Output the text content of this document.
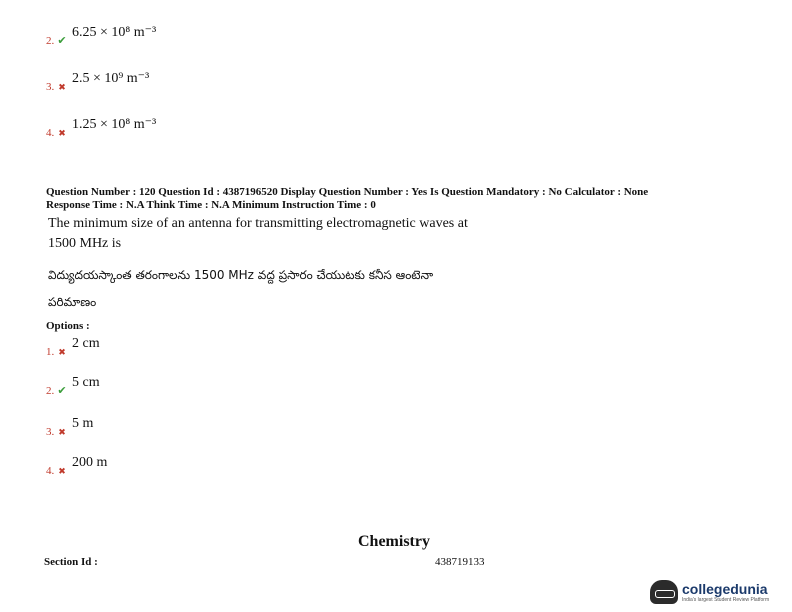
2. ✔
6.25 × 10⁸ m⁻³
3. ✖
2.5 × 10⁹ m⁻³
4. ✖
1.25 × 10⁸ m⁻³
Question Number : 120 Question Id : 4387196520 Display Question Number : Yes Is Question Mandatory : No Calculator : None
Response Time : N.A Think Time : N.A Minimum Instruction Time : 0
The minimum size of an antenna for transmitting electromagnetic waves at
1500 MHz is
విద్యుదయస్కాంత తరంగాలను 1500 MHz వద్ద ప్రసారం చేయుటకు కనీస ఆంటెనా
పరిమాణం
Options :
1. ✖
2 cm
2. ✔
5 cm
3. ✖
5 m
4. ✖
200 m
Chemistry
Section Id :	438719133
collegedunia
India's largest Student Review Platform
